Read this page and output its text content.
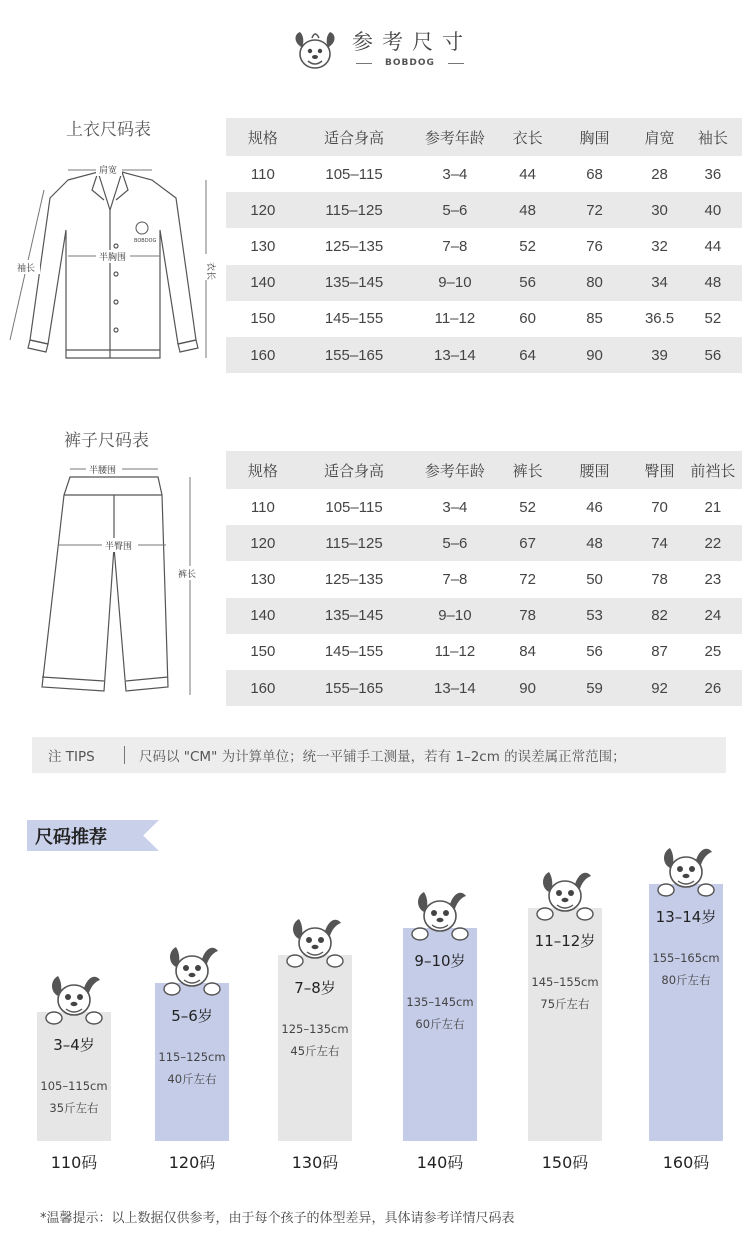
参考尺寸
BOBDOG
上衣尺码表
肩宽
半胸围
衣长
袖长
BOBDOG
规格	适合身高	参考年龄	衣长	胸围	肩宽	袖长
110	105–115	3–4	44	68	28	36
120	115–125	5–6	48	72	30	40
130	125–135	7–8	52	76	32	44
140	135–145	9–10	56	80	34	48
150	145–155	11–12	60	85	36.5	52
160	155–165	13–14	64	90	39	56
裤子尺码表
半腰围
半臀围
裤长
规格	适合身高	参考年龄	裤长	腰围	臀围	前裆长
110	105–115	3–4	52	46	70	21
120	115–125	5–6	67	48	74	22
130	125–135	7–8	72	50	78	23
140	135–145	9–10	78	53	82	24
150	145–155	11–12	84	56	87	25
160	155–165	13–14	90	59	92	26
注 TIPS	尺码以 "CM" 为计算单位；统一平铺手工测量，若有 1–2cm 的误差属正常范围；
尺码推荐
3–4岁
105–115cm
35斤左右
110码
5–6岁
115–125cm
40斤左右
120码
7–8岁
125–135cm
45斤左右
130码
9–10岁
135–145cm
60斤左右
140码
11–12岁
145–155cm
75斤左右
150码
13–14岁
155–165cm
80斤左右
160码
*温馨提示：以上数据仅供参考，由于每个孩子的体型差异，具体请参考详情尺码表
